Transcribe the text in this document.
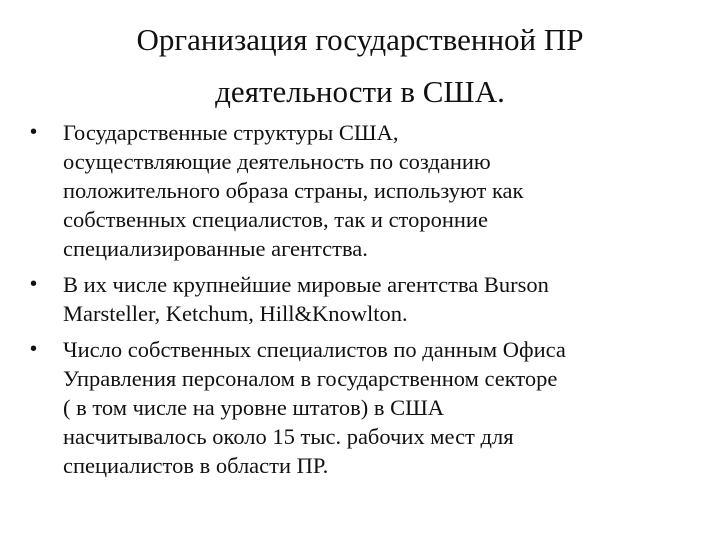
Организация государственной ПР
деятельности в США.
•	Государственные структуры США,
осуществляющие деятельность по созданию
положительного образа страны, используют как
собственных специалистов, так и сторонние
специализированные агентства.
•	В их числе крупнейшие мировые агентства Burson
Marsteller, Ketchum, Hill&Knowlton.
•	Число собственных специалистов по данным Офиса
Управления персоналом в государственном секторе
( в том числе на уровне штатов) в США
насчитывалось около 15 тыс. рабочих мест для
специалистов в области ПР.
